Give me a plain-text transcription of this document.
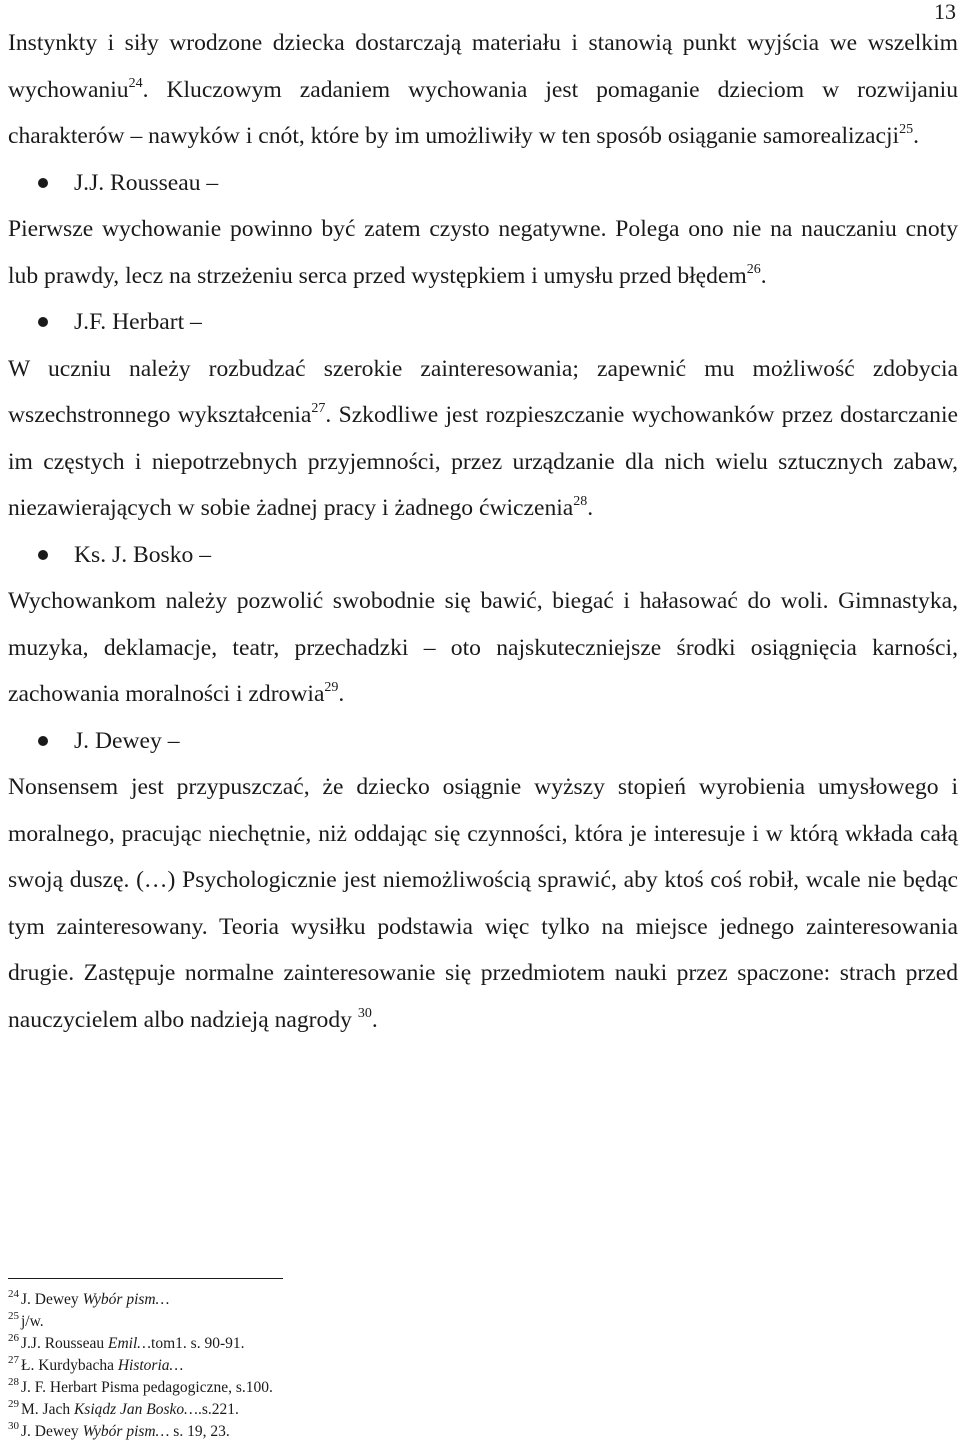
13

Instynkty i siły wrodzone dziecka dostarczają materiału i stanowią punkt wyjścia we wszelkim wychowaniu$^{24}$. Kluczowym zadaniem wychowania jest pomaganie dzieciom w rozwijaniu charakterów – nawyków i cnót, które by im umożliwiły w ten sposób osiąganie samorealizacji$^{25}$.

J.J. Rousseau –

Pierwsze wychowanie powinno być zatem czysto negatywne. Polega ono nie na nauczaniu cnoty lub prawdy, lecz na strzeżeniu serca przed występkiem i umysłu przed błędem$^{26}$.

J.F. Herbart –

W uczniu należy rozbudzać szerokie zainteresowania; zapewnić mu możliwość zdobycia wszechstronnego wykształcenia$^{27}$. Szkodliwe jest rozpieszczanie wychowanków przez dostarczanie im częstych i niepotrzebnych przyjemności, przez urządzanie dla nich wielu sztucznych zabaw, niezawierających w sobie żadnej pracy i żadnego ćwiczenia$^{28}$.

Ks. J. Bosko –

Wychowankom należy pozwolić swobodnie się bawić, biegać i hałasować do woli. Gimnastyka, muzyka, deklamacje, teatr, przechadzki – oto najskuteczniejsze środki osiągnięcia karności, zachowania moralności i zdrowia$^{29}$.

J. Dewey –

Nonsensem jest przypuszczać, że dziecko osiągnie wyższy stopień wyrobienia umysłowego i moralnego, pracując niechętnie, niż oddając się czynności, która je interesuje i w którą wkłada całą swoją duszę. (…) Psychologicznie jest niemożliwością sprawić, aby ktoś coś robił, wcale nie będąc tym zainteresowany. Teoria wysiłku podstawia więc tylko na miejsce jednego zainteresowania drugie. Zastępuje normalne zainteresowanie się przedmiotem nauki przez spaczone: strach przed nauczycielem albo nadzieją nagrody $^{30}$.

$^{24}$ J. Dewey Wybór pism…

$^{25}$ j/w.

$^{26}$ J.J. Rousseau Emil…tom1. s. 90-91.

$^{27}$ Ł. Kurdybacha Historia…

$^{28}$ J. F. Herbart Pisma pedagogiczne, s.100.

$^{29}$ M. Jach Ksiądz Jan Bosko….s.221.

$^{30}$ J. Dewey Wybór pism… s. 19, 23.
